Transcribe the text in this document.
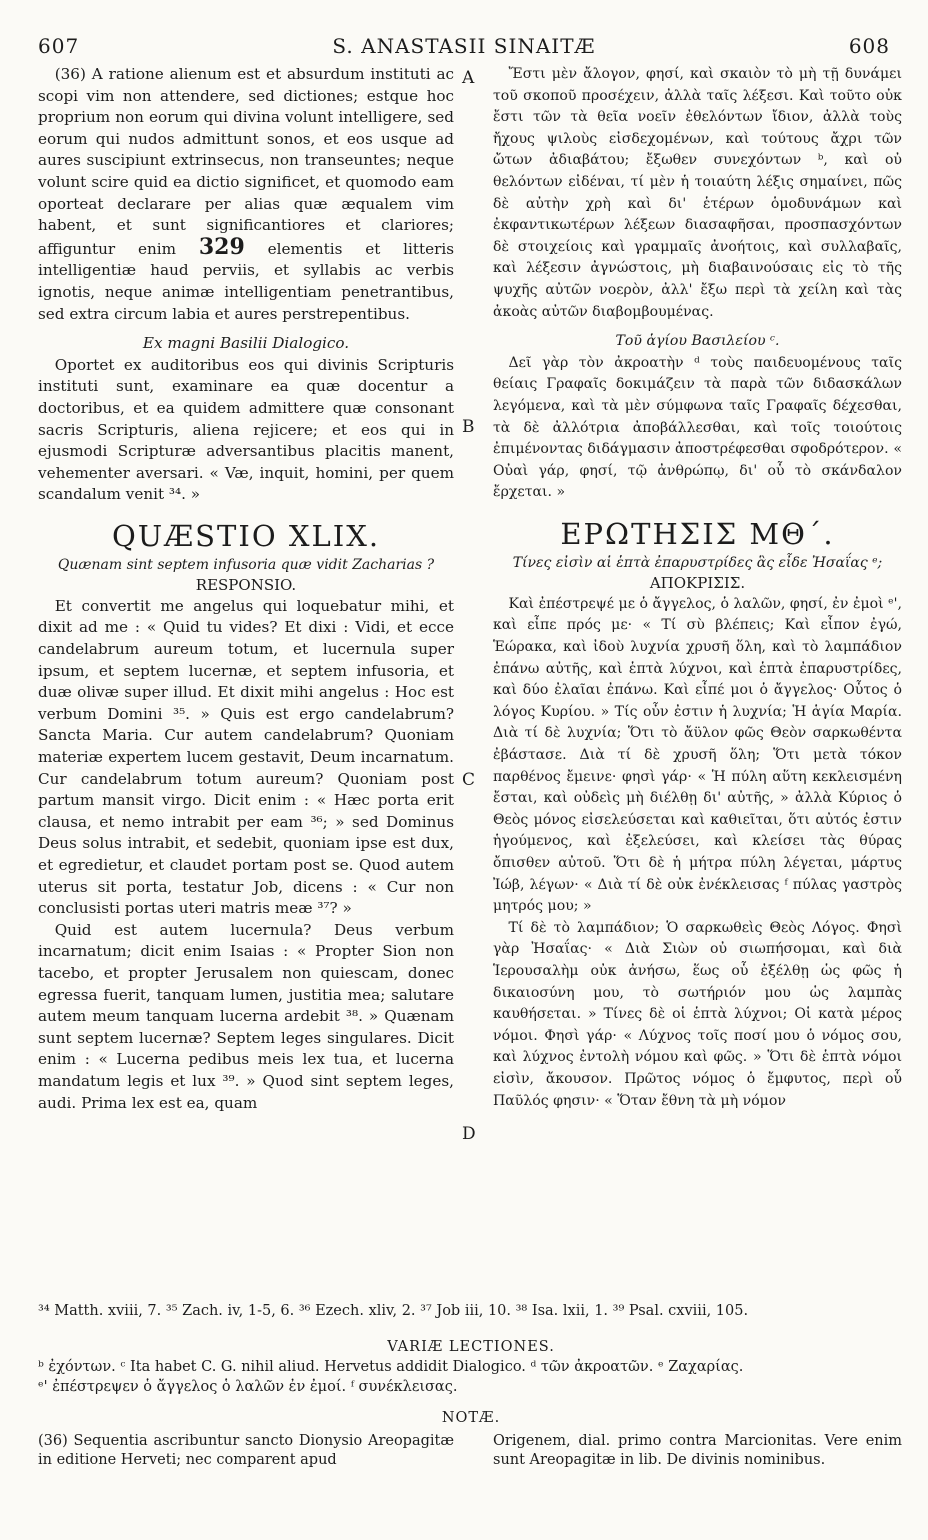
607	S. ANASTASII SINAITÆ	608
A
B
C
D

(36) A ratione alienum est et absurdum instituti ac scopi vim non attendere, sed dictiones; estque hoc proprium non eorum qui divina volunt intelligere, sed eorum qui nudos admittunt sonos, et eos usque ad aures suscipiunt extrinsecus, non transeuntes; neque volunt scire quid ea dictio significet, et quomodo eam oporteat declarare per alias quæ æqualem vim habent, et sunt significantiores et clariores; affiguntur enim 329 elementis et litteris intelligentiæ haud perviis, et syllabis ac verbis ignotis, neque animæ intelligentiam penetrantibus, sed extra circum labia et aures perstrepentibus.

Ex magni Basilii Dialogico.

Oportet ex auditoribus eos qui divinis Scripturis instituti sunt, examinare ea quæ docentur a doctoribus, et ea quidem admittere quæ consonant sacris Scripturis, aliena rejicere; et eos qui in ejusmodi Scripturæ adversantibus placitis manent, vehementer aversari. « Væ, inquit, homini, per quem scandalum venit ³⁴. »

QUÆSTIO XLIX.

Quænam sint septem infusoria quæ vidit Zacharias ?

RESPONSIO.

Et convertit me angelus qui loquebatur mihi, et dixit ad me : « Quid tu vides? Et dixi : Vidi, et ecce candelabrum aureum totum, et lucernula super ipsum, et septem lucernæ, et septem infusoria, et duæ olivæ super illud. Et dixit mihi angelus : Hoc est verbum Domini ³⁵. » Quis est ergo candelabrum? Sancta Maria. Cur autem candelabrum? Quoniam materiæ expertem lucem gestavit, Deum incarnatum. Cur candelabrum totum aureum? Quoniam post partum mansit virgo. Dicit enim : « Hæc porta erit clausa, et nemo intrabit per eam ³⁶; » sed Dominus Deus solus intrabit, et sedebit, quoniam ipse est dux, et egredietur, et claudet portam post se. Quod autem uterus sit porta, testatur Job, dicens : « Cur non conclusisti portas uteri matris meæ ³⁷? »

Quid est autem lucernula? Deus verbum incarnatum; dicit enim Isaias : « Propter Sion non tacebo, et propter Jerusalem non quiescam, donec egressa fuerit, tanquam lumen, justitia mea; salutare autem meum tanquam lucerna ardebit ³⁸. » Quænam sunt septem lucernæ? Septem leges singulares. Dicit enim : « Lucerna pedibus meis lex tua, et lucerna mandatum legis et lux ³⁹. » Quod sint septem leges, audi. Prima lex est ea, quam

Ἔστι μὲν ἄλογον, φησί, καὶ σκαιὸν τὸ μὴ τῇ δυνάμει τοῦ σκοποῦ προσέχειν, ἀλλὰ ταῖς λέξεσι. Καὶ τοῦτο οὐκ ἔστι τῶν τὰ θεῖα νοεῖν ἐθελόντων ἴδιον, ἀλλὰ τοὺς ἤχους ψιλοὺς εἰσδεχομένων, καὶ τούτους ἄχρι τῶν ὤτων ἀδιαβάτου; ἔξωθεν συνεχόντων ᵇ, καὶ οὐ θελόντων εἰδέναι, τί μὲν ἡ τοιαύτη λέξις σημαίνει, πῶς δὲ αὐτὴν χρὴ καὶ δι' ἑτέρων ὁμοδυνάμων καὶ ἐκφαντικωτέρων λέξεων διασαφῆσαι, προσπασχόντων δὲ στοιχείοις καὶ γραμμαῖς ἀνοήτοις, καὶ συλλαβαῖς, καὶ λέξεσιν ἀγνώστοις, μὴ διαβαινούσαις εἰς τὸ τῆς ψυχῆς αὐτῶν νοερὸν, ἀλλ' ἔξω περὶ τὰ χείλη καὶ τὰς ἀκοὰς αὐτῶν διαβομβουμένας.

Τοῦ ἁγίου Βασιλείου ᶜ.

Δεῖ γὰρ τὸν ἀκροατὴν ᵈ τοὺς παιδευομένους ταῖς θείαις Γραφαῖς δοκιμάζειν τὰ παρὰ τῶν διδασκάλων λεγόμενα, καὶ τὰ μὲν σύμφωνα ταῖς Γραφαῖς δέχεσθαι, τὰ δὲ ἀλλότρια ἀποβάλλεσθαι, καὶ τοῖς τοιούτοις ἐπιμένοντας διδάγμασιν ἀποστρέφεσθαι σφοδρότερον. « Οὐαὶ γάρ, φησί, τῷ ἀνθρώπῳ, δι' οὗ τὸ σκάνδαλον ἔρχεται. »

ΕΡΩΤΗΣΙΣ ΜΘ΄.

Τίνες εἰσὶν αἱ ἑπτὰ ἐπαρυστρίδες ἃς εἶδε Ἠσαΐας ᵉ;

ΑΠΟΚΡΙΣΙΣ.

Καὶ ἐπέστρεψέ με ὁ ἄγγελος, ὁ λαλῶν, φησί, ἐν ἐμοὶ ᵉ', καὶ εἶπε πρός με· « Τί σὺ βλέπεις; Καὶ εἶπον ἐγώ, Ἑώρακα, καὶ ἰδοὺ λυχνία χρυσῆ ὅλη, καὶ τὸ λαμπάδιον ἐπάνω αὐτῆς, καὶ ἑπτὰ λύχνοι, καὶ ἑπτὰ ἐπαρυστρίδες, καὶ δύο ἐλαῖαι ἐπάνω. Καὶ εἶπέ μοι ὁ ἄγγελος· Οὗτος ὁ λόγος Κυρίου. » Τίς οὖν ἐστιν ἡ λυχνία; Ἡ ἁγία Μαρία. Διὰ τί δὲ λυχνία; Ὅτι τὸ ἄϋλον φῶς Θεὸν σαρκωθέντα ἐβάστασε. Διὰ τί δὲ χρυσῆ ὅλη; Ὅτι μετὰ τόκον παρθένος ἔμεινε· φησὶ γάρ· « Ἡ πύλη αὕτη κεκλεισμένη ἔσται, καὶ οὐδεὶς μὴ διέλθῃ δι' αὐτῆς, » ἀλλὰ Κύριος ὁ Θεὸς μόνος εἰσελεύσεται καὶ καθιεῖται, ὅτι αὐτός ἐστιν ἡγούμενος, καὶ ἐξελεύσει, καὶ κλείσει τὰς θύρας ὄπισθεν αὐτοῦ. Ὅτι δὲ ἡ μήτρα πύλη λέγεται, μάρτυς Ἰώβ, λέγων· « Διὰ τί δὲ οὐκ ἐνέκλεισας ᶠ πύλας γαστρὸς μητρός μου; »

Τί δὲ τὸ λαμπάδιον; Ὁ σαρκωθεὶς Θεὸς Λόγος. Φησὶ γὰρ Ἠσαΐας· « Διὰ Σιὼν οὐ σιωπήσομαι, καὶ διὰ Ἱερουσαλὴμ οὐκ ἀνήσω, ἕως οὗ ἐξέλθῃ ὡς φῶς ἡ δικαιοσύνη μου, τὸ σωτήριόν μου ὡς λαμπὰς καυθήσεται. » Τίνες δὲ οἱ ἑπτὰ λύχνοι; Οἱ κατὰ μέρος νόμοι. Φησὶ γάρ· « Λύχνος τοῖς ποσί μου ὁ νόμος σου, καὶ λύχνος ἐντολὴ νόμου καὶ φῶς. » Ὅτι δὲ ἑπτὰ νόμοι εἰσὶν, ἄκουσον. Πρῶτος νόμος ὁ ἔμφυτος, περὶ οὗ Παῦλός φησιν· « Ὅταν ἔθνη τὰ μὴ νόμον

³⁴ Matth. xviii, 7. ³⁵ Zach. iv, 1-5, 6. ³⁶ Ezech. xliv, 2. ³⁷ Job iii, 10. ³⁸ Isa. lxii, 1. ³⁹ Psal. cxviii, 105.
VARIÆ LECTIONES.
ᵇ ἐχόντων. ᶜ Ita habet C. G. nihil aliud. Hervetus addidit Dialogico. ᵈ τῶν ἀκροατῶν. ᵉ Ζαχαρίας.
ᵉ' ἐπέστρεψεν ὁ ἄγγελος ὁ λαλῶν ἐν ἐμοί. ᶠ συνέκλεισας.
NOTÆ.
(36) Sequentia ascribuntur sancto Dionysio Areopagitæ in editione Herveti; nec comparent apud
Origenem, dial. primo contra Marcionitas. Vere enim sunt Areopagitæ in lib. De divinis nominibus.
